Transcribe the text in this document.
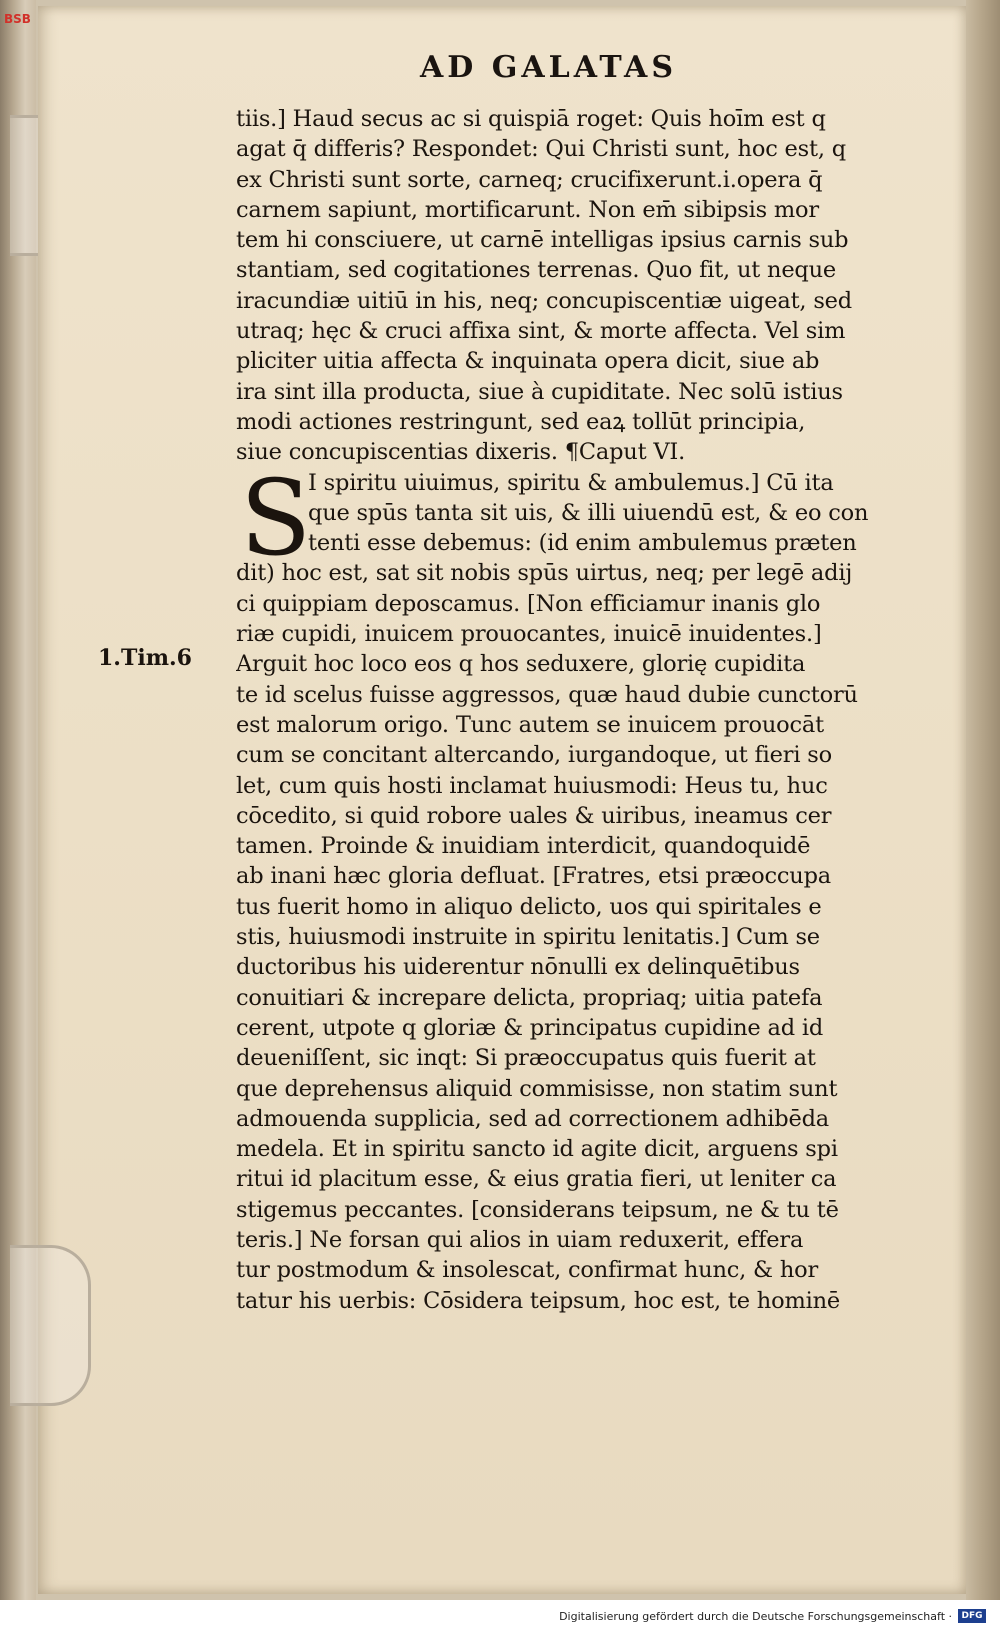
BSB
AD GALATAS
1.Tim.6
S
tiis.] Haud secus ac si quispiā roget: Quis hoīm est q
agat q̄ differis? Respondet: Qui Christi sunt, hoc est, q
ex Christi sunt sorte, carneq; crucifixerunt.i.opera q̄
carnem sapiunt, mortificarunt. Non em̄ sibipsis mor
tem hi consciuere, ut carnē intelligas ipsius carnis sub
stantiam, sed cogitationes terrenas. Quo fit, ut neque
iracundiæ uitiū in his, neq; concupiscentiæ uigeat, sed
utraq; hęc & cruci affixa sint, & morte affecta. Vel sim
pliciter uitia affecta & inquinata opera dicit, siue ab
ira sint illa producta, siue à cupiditate. Nec solū istius
modi actiones restringunt, sed eaꝝ tollūt principia,
siue concupiscentias dixeris. ¶Caput VI.
I spiritu uiuimus, spiritu & ambulemus.] Cū ita
que spūs tanta sit uis, & illi uiuendū est, & eo con
tenti esse debemus: (id enim ambulemus præten
dit) hoc est, sat sit nobis spūs uirtus, neq; per legē adij
ci quippiam deposcamus. [Non efficiamur inanis glo
riæ cupidi, inuicem prouocantes, inuicē inuidentes.]
Arguit hoc loco eos q hos seduxere, glorię cupidita
te id scelus fuisse aggressos, quæ haud dubie cunctorū
est malorum origo. Tunc autem se inuicem prouocāt
cum se concitant altercando, iurgandoque, ut fieri so
let, cum quis hosti inclamat huiusmodi: Heus tu, huc
cōcedito, si quid robore uales & uiribus, ineamus cer
tamen. Proinde & inuidiam interdicit, quandoquidē
ab inani hæc gloria defluat. [Fratres, etsi præoccupa
tus fuerit homo in aliquo delicto, uos qui spiritales e
stis, huiusmodi instruite in spiritu lenitatis.] Cum se
ductoribus his uiderentur nōnulli ex delinquētibus
conuitiari & increpare delicta, propriaq; uitia patefa
cerent, utpote q gloriæ & principatus cupidine ad id
deueniſſent, sic inqt: Si præoccupatus quis fuerit at
que deprehensus aliquid commisisse, non statim sunt
admouenda supplicia, sed ad correctionem adhibēda
medela. Et in spiritu sancto id agite dicit, arguens spi
ritui id placitum esse, & eius gratia fieri, ut leniter ca
stigemus peccantes. [considerans teipsum, ne & tu tē
teris.] Ne forsan qui alios in uiam reduxerit, effera
tur postmodum & insolescat, confirmat hunc, & hor
tatur his uerbis: Cōsidera teipsum, hoc est, te hominē
Digitalisierung gefördert durch die Deutsche Forschungsgemeinschaft ·	DFG
